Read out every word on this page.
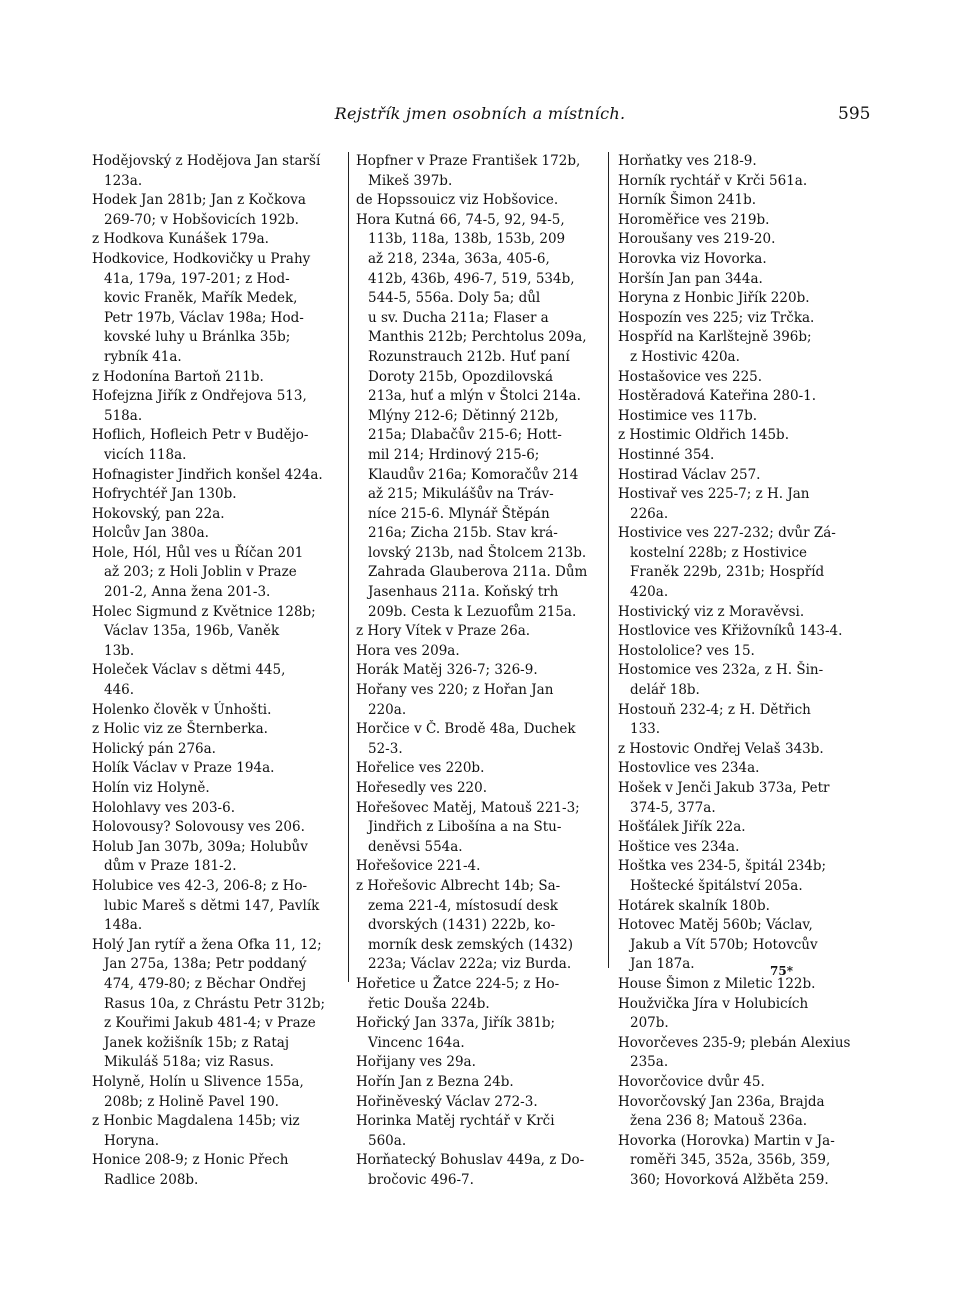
Rejstřík jmen osobních a místních.	595
Hodějovský z Hodějova Jan starší
123a.
Hodek Jan 281b; Jan z Kočkova
269-70; v Hobšovicích 192b.
z Hodkova Kunášek 179a.
Hodkovice, Hodkovičky u Prahy
41a, 179a, 197-201; z Hod-
kovic Franěk, Mařík Medek,
Petr 197b, Václav 198a; Hod-
kovské luhy u Bránlka 35b;
rybník 41a.
z Hodonína Bartoň 211b.
Hofejzna Jiřík z Ondřejova 513,
518a.
Hoflich, Hofleich Petr v Budějo-
vicích 118a.
Hofnagister Jindřich konšel 424a.
Hofrychtéř Jan 130b.
Hokovský, pan 22a.
Holcův Jan 380a.
Hole, Hól, Hůl ves u Říčan 201
až 203; z Holi Joblin v Praze
201-2, Anna žena 201-3.
Holec Sigmund z Květnice 128b;
Václav 135a, 196b, Vaněk
13b.
Holeček Václav s dětmi 445,
446.
Holenko člověk v Únhošti.
z Holic viz ze Šternberka.
Holický pán 276a.
Holík Václav v Praze 194a.
Holín viz Holyně.
Holohlavy ves 203-6.
Holovousy? Solovousy ves 206.
Holub Jan 307b, 309a; Holubův
dům v Praze 181-2.
Holubice ves 42-3, 206-8; z Ho-
lubic Mareš s dětmi 147, Pavlík
148a.
Holý Jan rytíř a žena Ofka 11, 12;
Jan 275a, 138a; Petr poddaný
474, 479-80; z Běchar Ondřej
Rasus 10a, z Chrástu Petr 312b;
z Kouřimi Jakub 481-4; v Praze
Janek kožišník 15b; z Rataj
Mikuláš 518a; viz Rasus.
Holyně, Holín u Slivence 155a,
208b; z Holině Pavel 190.
z Honbic Magdalena 145b; viz
Horyna.
Honice 208-9; z Honic Přech
Radlice 208b.
Hopfner v Praze František 172b,
Mikeš 397b.
de Hopssouicz viz Hobšovice.
Hora Kutná 66, 74-5, 92, 94-5,
113b, 118a, 138b, 153b, 209
až 218, 234a, 363a, 405-6,
412b, 436b, 496-7, 519, 534b,
544-5, 556a. Doly 5a; důl
u sv. Ducha 211a; Flaser a
Manthis 212b; Perchtolus 209a,
Rozunstrauch 212b. Huť paní
Doroty 215b, Opozdilovská
213a, huť a mlýn v Štolci 214a.
Mlýny 212-6; Dětinný 212b,
215a; Dlabačův 215-6; Hott-
mil 214; Hrdinový 215-6;
Klaudův 216a; Komoračův 214
až 215; Mikulášův na Tráv-
níce 215-6. Mlynář Štěpán
216a; Zicha 215b. Stav krá-
lovský 213b, nad Štolcem 213b.
Zahrada Glauberova 211a. Dům
Jasenhaus 211a. Koňský trh
209b. Cesta k Lezuofům 215a.
z Hory Vítek v Praze 26a.
Hora ves 209a.
Horák Matěj 326-7; 326-9.
Hořany ves 220; z Hořan Jan
220a.
Horčice v Č. Brodě 48a, Duchek
52-3.
Hořelice ves 220b.
Hořesedly ves 220.
Hořešovec Matěj, Matouš 221-3;
Jindřich z Libošína a na Stu-
deněvsi 554a.
Hořešovice 221-4.
z Hořešovic Albrecht 14b; Sa-
zema 221-4, místosudí desk
dvorských (1431) 222b, ko-
morník desk zemských (1432)
223a; Václav 222a; viz Burda.
Hořetice u Žatce 224-5; z Ho-
řetic Douša 224b.
Hořický Jan 337a, Jiřík 381b;
Vincenc 164a.
Hořijany ves 29a.
Hořín Jan z Bezna 24b.
Hořiněveský Václav 272-3.
Horinka Matěj rychtář v Krči
560a.
Horňatecký Bohuslav 449a, z Do-
bročovic 496-7.
Horňatky ves 218-9.
Horník rychtář v Krči 561a.
Horník Šimon 241b.
Horoměřice ves 219b.
Horoušany ves 219-20.
Horovka viz Hovorka.
Horšín Jan pan 344a.
Horyna z Honbic Jiřík 220b.
Hospozín ves 225; viz Trčka.
Hospříd na Karlštejně 396b;
z Hostivic 420a.
Hostašovice ves 225.
Hostěradová Kateřina 280-1.
Hostimice ves 117b.
z Hostimic Oldřich 145b.
Hostinné 354.
Hostirad Václav 257.
Hostivař ves 225-7; z H. Jan
226a.
Hostivice ves 227-232; dvůr Zá-
kostelní 228b; z Hostivice
Franěk 229b, 231b; Hospříd
420a.
Hostivický viz z Moravěvsi.
Hostlovice ves Křižovníků 143-4.
Hostololice? ves 15.
Hostomice ves 232a, z H. Šin-
delář 18b.
Hostouň 232-4; z H. Dětřich
133.
z Hostovic Ondřej Velaš 343b.
Hostovlice ves 234a.
Hošek v Jenči Jakub 373a, Petr
374-5, 377a.
Hošťálek Jiřík 22a.
Hoštice ves 234a.
Hoštka ves 234-5, špitál 234b;
Hoštecké špitálství 205a.
Hotárek skalník 180b.
Hotovec Matěj 560b; Václav,
Jakub a Vít 570b; Hotovcův
Jan 187a.
House Šimon z Miletic 122b.
Houžvička Jíra v Holubicích
207b.
Hovorčeves 235-9; plebán Alexius
235a.
Hovorčovice dvůr 45.
Hovorčovský Jan 236a, Brajda
žena 236 8; Matouš 236a.
Hovorka (Horovka) Martin v Ja-
roměři 345, 352a, 356b, 359,
360; Hovorková Alžběta 259.
75*
